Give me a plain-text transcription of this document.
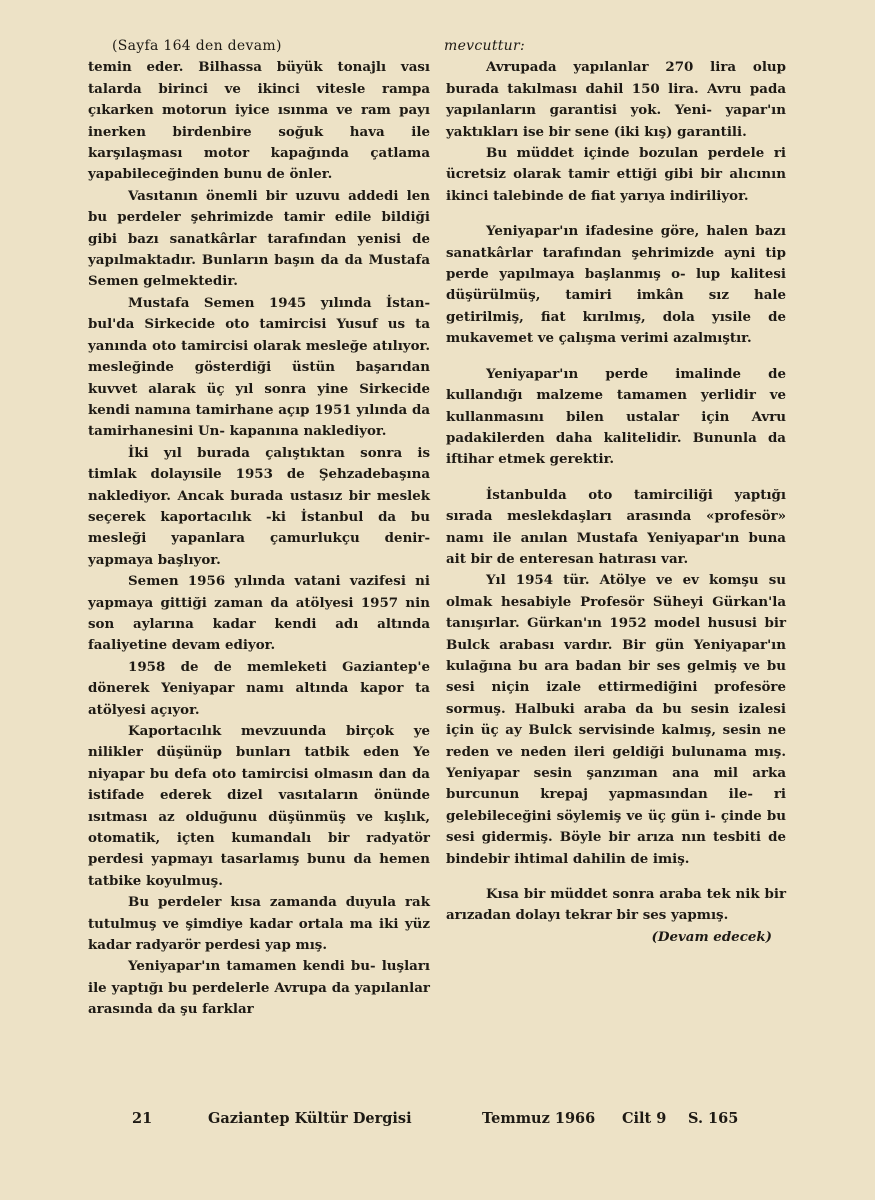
(Sayfa 164 den devam)

temin eder. Bilhassa büyük tonajlı vası talarda birinci ve ikinci vitesle rampa çıkarken motorun iyice ısınma ve ram payı inerken birdenbire soğuk hava ile karşılaşması motor kapağında çatlama yapabileceğinden bunu de önler.

Vasıtanın önemli bir uzuvu addedi len bu perdeler şehrimizde tamir edile bildiği gibi bazı sanatkârlar tarafından yenisi de yapılmaktadır. Bunların başın da da Mustafa Semen gelmektedir.

Mustafa Semen 1945 yılında İstan- bul'da Sirkecide oto tamircisi Yusuf us ta yanında oto tamircisi olarak mesleğe atılıyor. mesleğinde gösterdiği üstün başarıdan kuvvet alarak üç yıl sonra yine Sirkecide kendi namına tamirhane açıp 1951 yılında da tamirhanesini Un- kapanına naklediyor.

İki yıl burada çalıştıktan sonra is timlak dolayısile 1953 de Şehzadebaşına naklediyor. Ancak burada ustasız bir meslek seçerek kaportacılık -ki İstanbul da bu mesleği yapanlara çamurlukçu denir- yapmaya başlıyor.

Semen 1956 yılında vatani vazifesi ni yapmaya gittiği zaman da atölyesi 1957 nin son aylarına kadar kendi adı altında faaliyetine devam ediyor.

1958 de de memleketi Gaziantep'e dönerek Yeniyapar namı altında kapor ta atölyesi açıyor.

Kaportacılık mevzuunda birçok ye nilikler düşünüp bunları tatbik eden Ye niyapar bu defa oto tamircisi olmasın dan da istifade ederek dizel vasıtaların önünde ısıtması az olduğunu düşünmüş ve kışlık, otomatik, içten kumandalı bir radyatör perdesi yapmayı tasarlamış bunu da hemen tatbike koyulmuş.

Bu perdeler kısa zamanda duyula rak tutulmuş ve şimdiye kadar ortala ma iki yüz kadar radyarör perdesi yap mış.

Yeniyapar'ın tamamen kendi bu- luşları ile yaptığı bu perdelerle Avrupa da yapılanlar arasında da şu farklar

mevcuttur:

Avrupada yapılanlar 270 lira olup burada takılması dahil 150 lira. Avru pada yapılanların garantisi yok. Yeni- yapar'ın yaktıkları ise bir sene (iki kış) garantili.

Bu müddet içinde bozulan perdele ri ücretsiz olarak tamir ettiği gibi bir alıcının ikinci talebinde de fiat yarıya indiriliyor.

Yeniyapar'ın ifadesine göre, halen bazı sanatkârlar tarafından şehrimizde ayni tip perde yapılmaya başlanmış o- lup kalitesi düşürülmüş, tamiri imkân sız hale getirilmiş, fiat kırılmış, dola yısile de mukavemet ve çalışma verimi azalmıştır.

Yeniyapar'ın perde imalinde de kullandığı malzeme tamamen yerlidir ve kullanmasını bilen ustalar için Avru padakilerden daha kalitelidir. Bununla da iftihar etmek gerektir.

İstanbulda oto tamirciliği yaptığı sırada meslekdaşları arasında «profesör» namı ile anılan Mustafa Yeniyapar'ın buna ait bir de enteresan hatırası var.

Yıl 1954 tür. Atölye ve ev komşu su olmak hesabiyle Profesör Süheyi Gürkan'la tanışırlar. Gürkan'ın 1952 model hususi bir Bulck arabası vardır. Bir gün Yeniyapar'ın kulağına bu ara badan bir ses gelmiş ve bu sesi niçin izale ettirmediğini profesöre sormuş. Halbuki araba da bu sesin izalesi için üç ay Bulck servisinde kalmış, sesin ne reden ve neden ileri geldiği bulunama mış. Yeniyapar sesin şanzıman ana mil arka burcunun krepaj yapmasından ile- ri gelebileceğini söylemiş ve üç gün i- çinde bu sesi gidermiş. Böyle bir arıza nın tesbiti de bindebir ihtimal dahilin de imiş.

Kısa bir müddet sonra araba tek nik bir arızadan dolayı tekrar bir ses yapmış.

(Devam edecek)

21	Gaziantep Kültür Dergisi	Temmuz 1966 Cilt 9 S. 165
